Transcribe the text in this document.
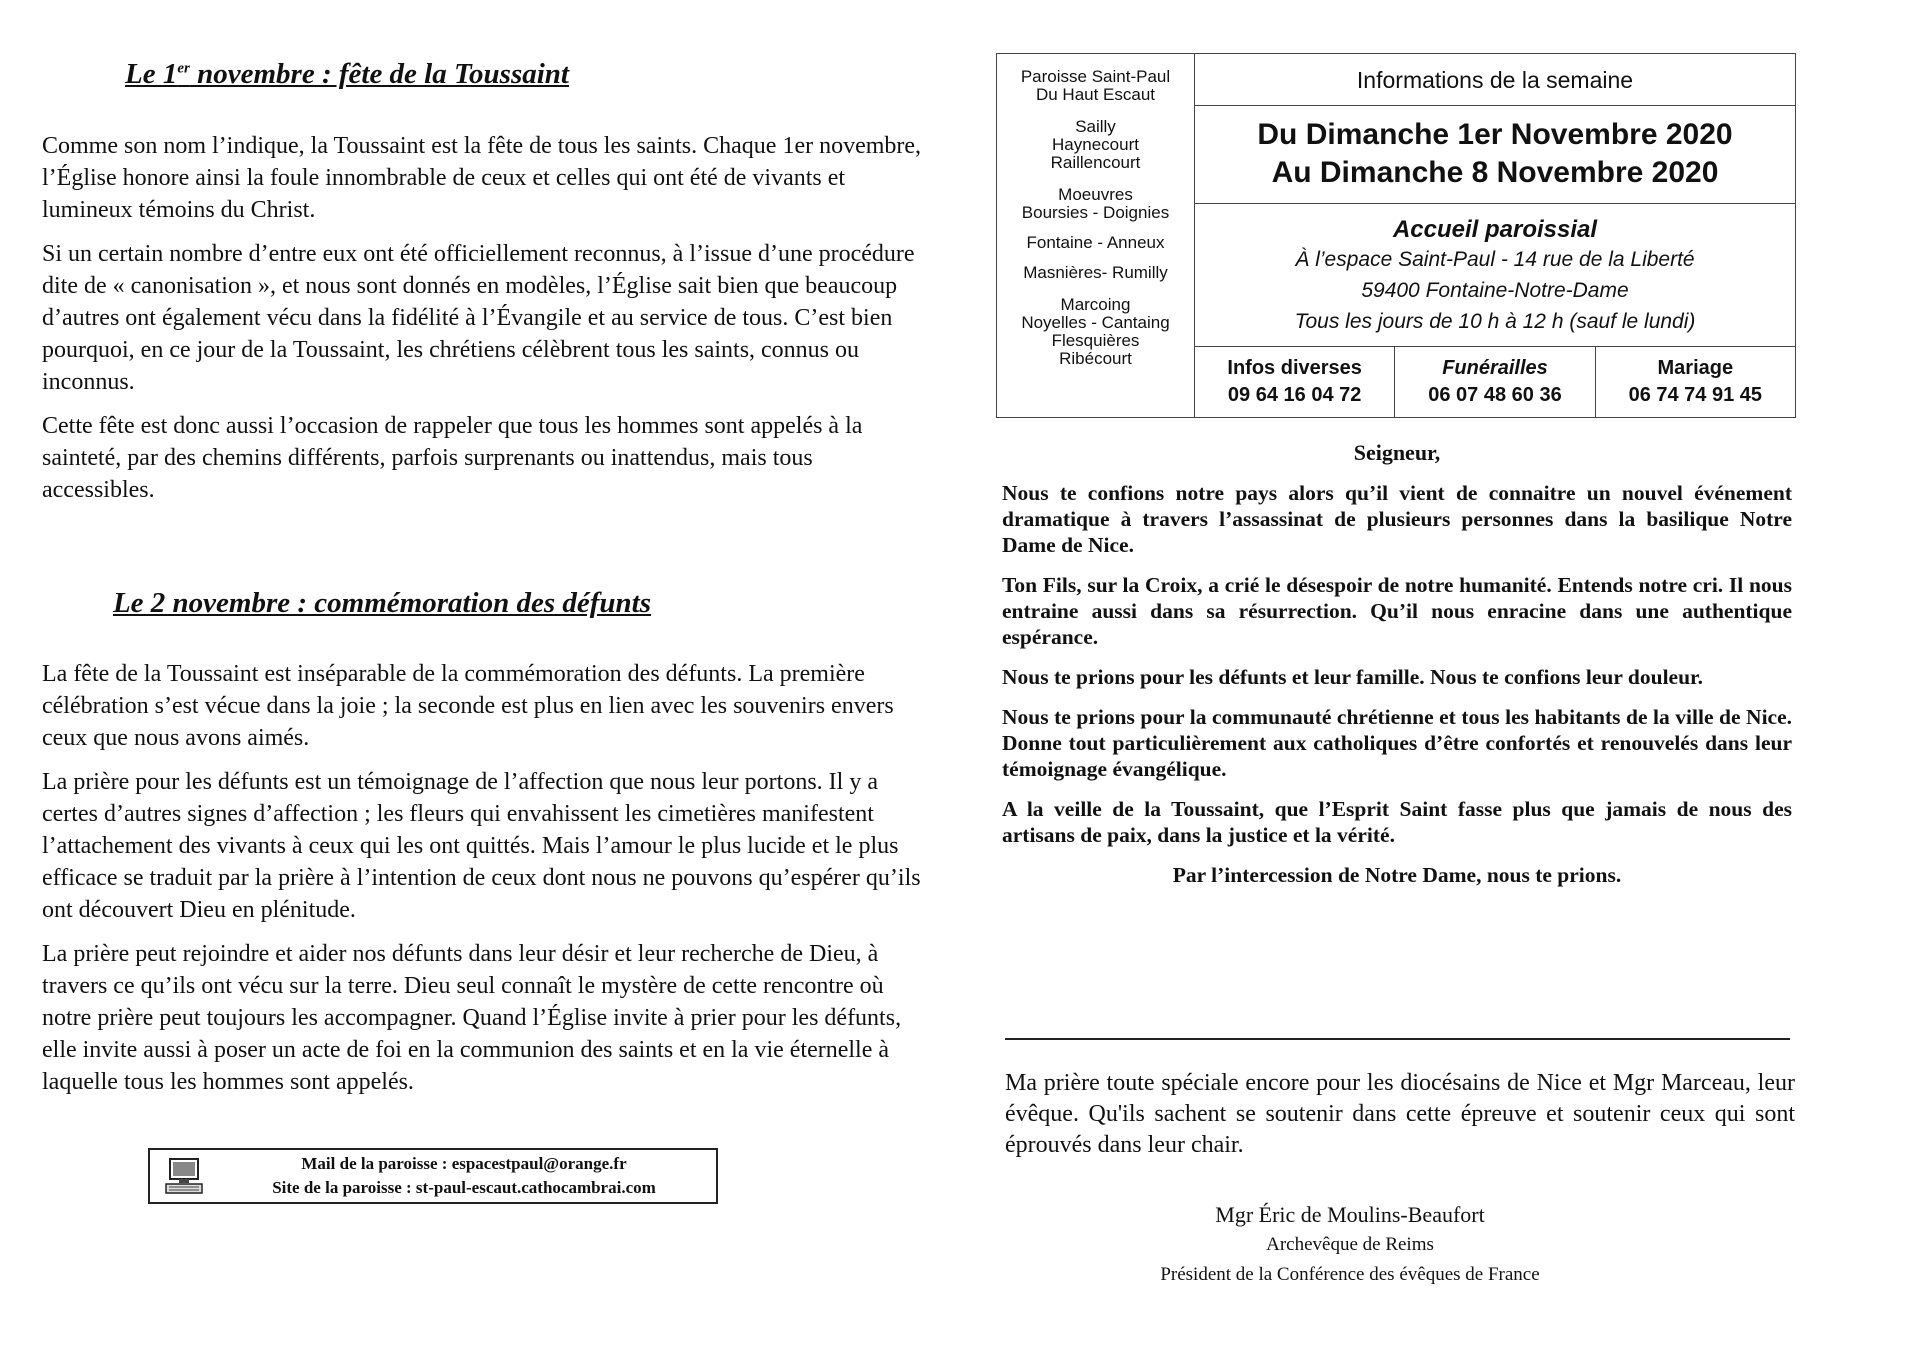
Le 1er novembre : fête de la Toussaint

Comme son nom l’indique, la Toussaint est la fête de tous les saints. Chaque 1er novembre, l’Église honore ainsi la foule innombrable de ceux et celles qui ont été de vivants et lumineux témoins du Christ.

Si un certain nombre d’entre eux ont été officiellement reconnus, à l’issue d’une procédure dite de « canonisation », et nous sont donnés en modèles, l’Église sait bien que beaucoup d’autres ont également vécu dans la fidélité à l’Évangile et au service de tous. C’est bien pourquoi, en ce jour de la Toussaint, les chrétiens célèbrent tous les saints, connus ou inconnus.

Cette fête est donc aussi l’occasion de rappeler que tous les hommes sont appelés à la sainteté, par des chemins différents, parfois surprenants ou inattendus, mais tous accessibles.

Le 2 novembre : commémoration des défunts

La fête de la Toussaint est inséparable de la commémoration des défunts. La première célébration s’est vécue dans la joie ; la seconde est plus en lien avec les souvenirs envers ceux que nous avons aimés.

La prière pour les défunts est un témoignage de l’affection que nous leur portons. Il y a certes d’autres signes d’affection ; les fleurs qui envahissent les cimetières manifestent l’attachement des vivants à ceux qui les ont quittés. Mais l’amour le plus lucide et le plus efficace se traduit par la prière à l’intention de ceux dont nous ne pouvons qu’espérer qu’ils ont découvert Dieu en plénitude.

La prière peut rejoindre et aider nos défunts dans leur désir et leur recherche de Dieu, à travers ce qu’ils ont vécu sur la terre. Dieu seul connaît le mystère de cette rencontre où notre prière peut toujours les accompagner. Quand l’Église invite à prier pour les défunts, elle invite aussi à poser un acte de foi en la communion des saints et en la vie éternelle à laquelle tous les hommes sont appelés.

Mail de la paroisse : espacestpaul@orange.fr
Site de la paroisse : st-paul-escaut.cathocambrai.com
Paroisse Saint-Paul
Du Haut Escaut
Sailly
Haynecourt
Raillencourt
Moeuvres
Boursies - Doignies
Fontaine - Anneux
Masnières- Rumilly
Marcoing
Noyelles - Cantaing
Flesquières
Ribécourt
Informations de la semaine
Du Dimanche 1er Novembre 2020
Au Dimanche 8 Novembre 2020
Accueil paroissial
À l’espace Saint-Paul - 14 rue de la Liberté
59400 Fontaine-Notre-Dame
Tous les jours de 10 h à 12 h (sauf le lundi)
Infos diverses
09 64 16 04 72
Funérailles
06 07 48 60 36
Mariage
06 74 74 91 45

Seigneur,

Nous te confions notre pays alors qu’il vient de connaitre un nouvel événement dramatique à travers l’assassinat de plusieurs personnes dans la basilique Notre Dame de Nice.

Ton Fils, sur la Croix, a crié le désespoir de notre humanité. Entends notre cri. Il nous entraine aussi dans sa résurrection. Qu’il nous enracine dans une authentique espérance.

Nous te prions pour les défunts et leur famille. Nous te confions leur douleur.

Nous te prions pour la communauté chrétienne et tous les habitants de la ville de Nice. Donne tout particulièrement aux catholiques d’être confortés et renouvelés dans leur témoignage évangélique.

A la veille de la Toussaint, que l’Esprit Saint fasse plus que jamais de nous des artisans de paix, dans la justice et la vérité.

Par l’intercession de Notre Dame, nous te prions.

Ma prière toute spéciale encore pour les diocésains de Nice et Mgr Marceau, leur évêque. Qu'ils sachent se soutenir dans cette épreuve et soutenir ceux qui sont éprouvés dans leur chair.

Mgr Éric de Moulins-Beaufort
Archevêque de Reims
Président de la Conférence des évêques de France
